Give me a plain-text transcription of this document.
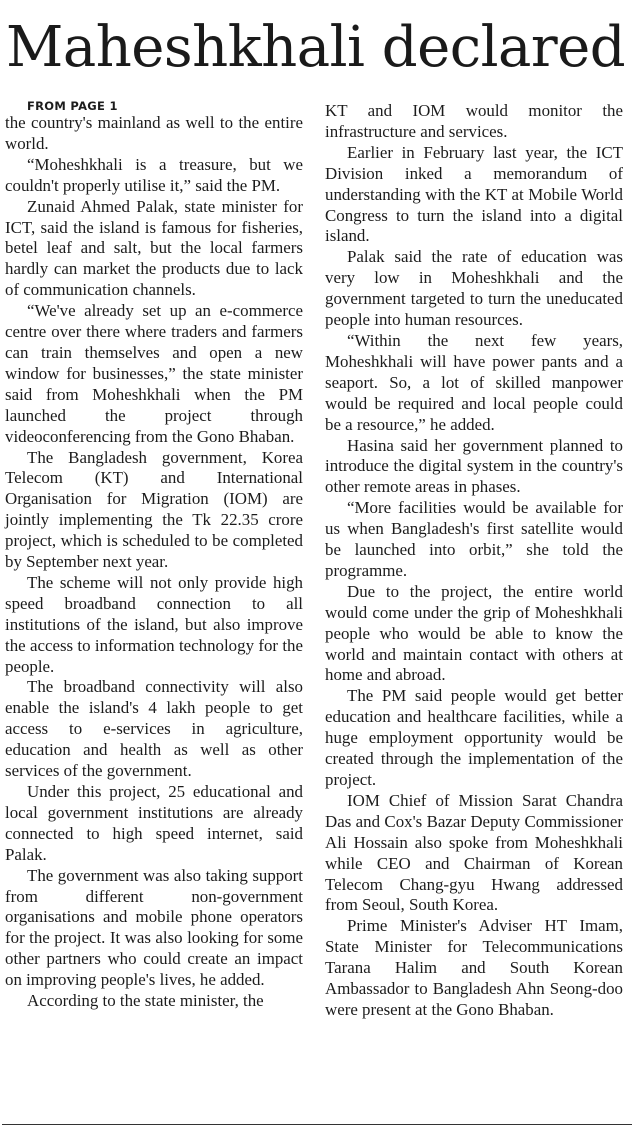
Maheshkhali declared

FROM PAGE 1

the country's mainland as well to the entire world.

“Moheshkhali is a treasure, but we couldn't properly utilise it,” said the PM.

Zunaid Ahmed Palak, state minister for ICT, said the island is famous for fisheries, betel leaf and salt, but the local farmers hardly can market the products due to lack of communication channels.

“We've already set up an e-commerce centre over there where traders and farmers can train themselves and open a new window for businesses,” the state minister said from Moheshkhali when the PM launched the project through videoconferencing from the Gono Bhaban.

The Bangladesh government, Korea Telecom (KT) and International Organisation for Migration (IOM) are jointly implementing the Tk 22.35 crore project, which is scheduled to be completed by September next year.

The scheme will not only provide high speed broadband connection to all institutions of the island, but also improve the access to information technology for the people.

The broadband connectivity will also enable the island's 4 lakh people to get access to e-services in agriculture, education and health as well as other services of the government.

Under this project, 25 educational and local government institutions are already connected to high speed internet, said Palak.

The government was also taking support from different non-government organisations and mobile phone operators for the project. It was also looking for some other partners who could create an impact on improving people's lives, he added.

According to the state minister, the

KT and IOM would monitor the infrastructure and services.

Earlier in February last year, the ICT Division inked a memorandum of understanding with the KT at Mobile World Congress to turn the island into a digital island.

Palak said the rate of education was very low in Moheshkhali and the government targeted to turn the uneducated people into human resources.

“Within the next few years, Moheshkhali will have power pants and a seaport. So, a lot of skilled manpower would be required and local people could be a resource,” he added.

Hasina said her government planned to introduce the digital system in the country's other remote areas in phases.

“More facilities would be available for us when Bangladesh's first satellite would be launched into orbit,” she told the programme.

Due to the project, the entire world would come under the grip of Moheshkhali people who would be able to know the world and maintain contact with others at home and abroad.

The PM said people would get better education and healthcare facilities, while a huge employment opportunity would be created through the implementation of the project.

IOM Chief of Mission Sarat Chandra Das and Cox's Bazar Deputy Commissioner Ali Hossain also spoke from Moheshkhali while CEO and Chairman of Korean Telecom Chang-gyu Hwang addressed from Seoul, South Korea.

Prime Minister's Adviser HT Imam, State Minister for Telecommunications Tarana Halim and South Korean Ambassador to Bangladesh Ahn Seong-doo were present at the Gono Bhaban.
